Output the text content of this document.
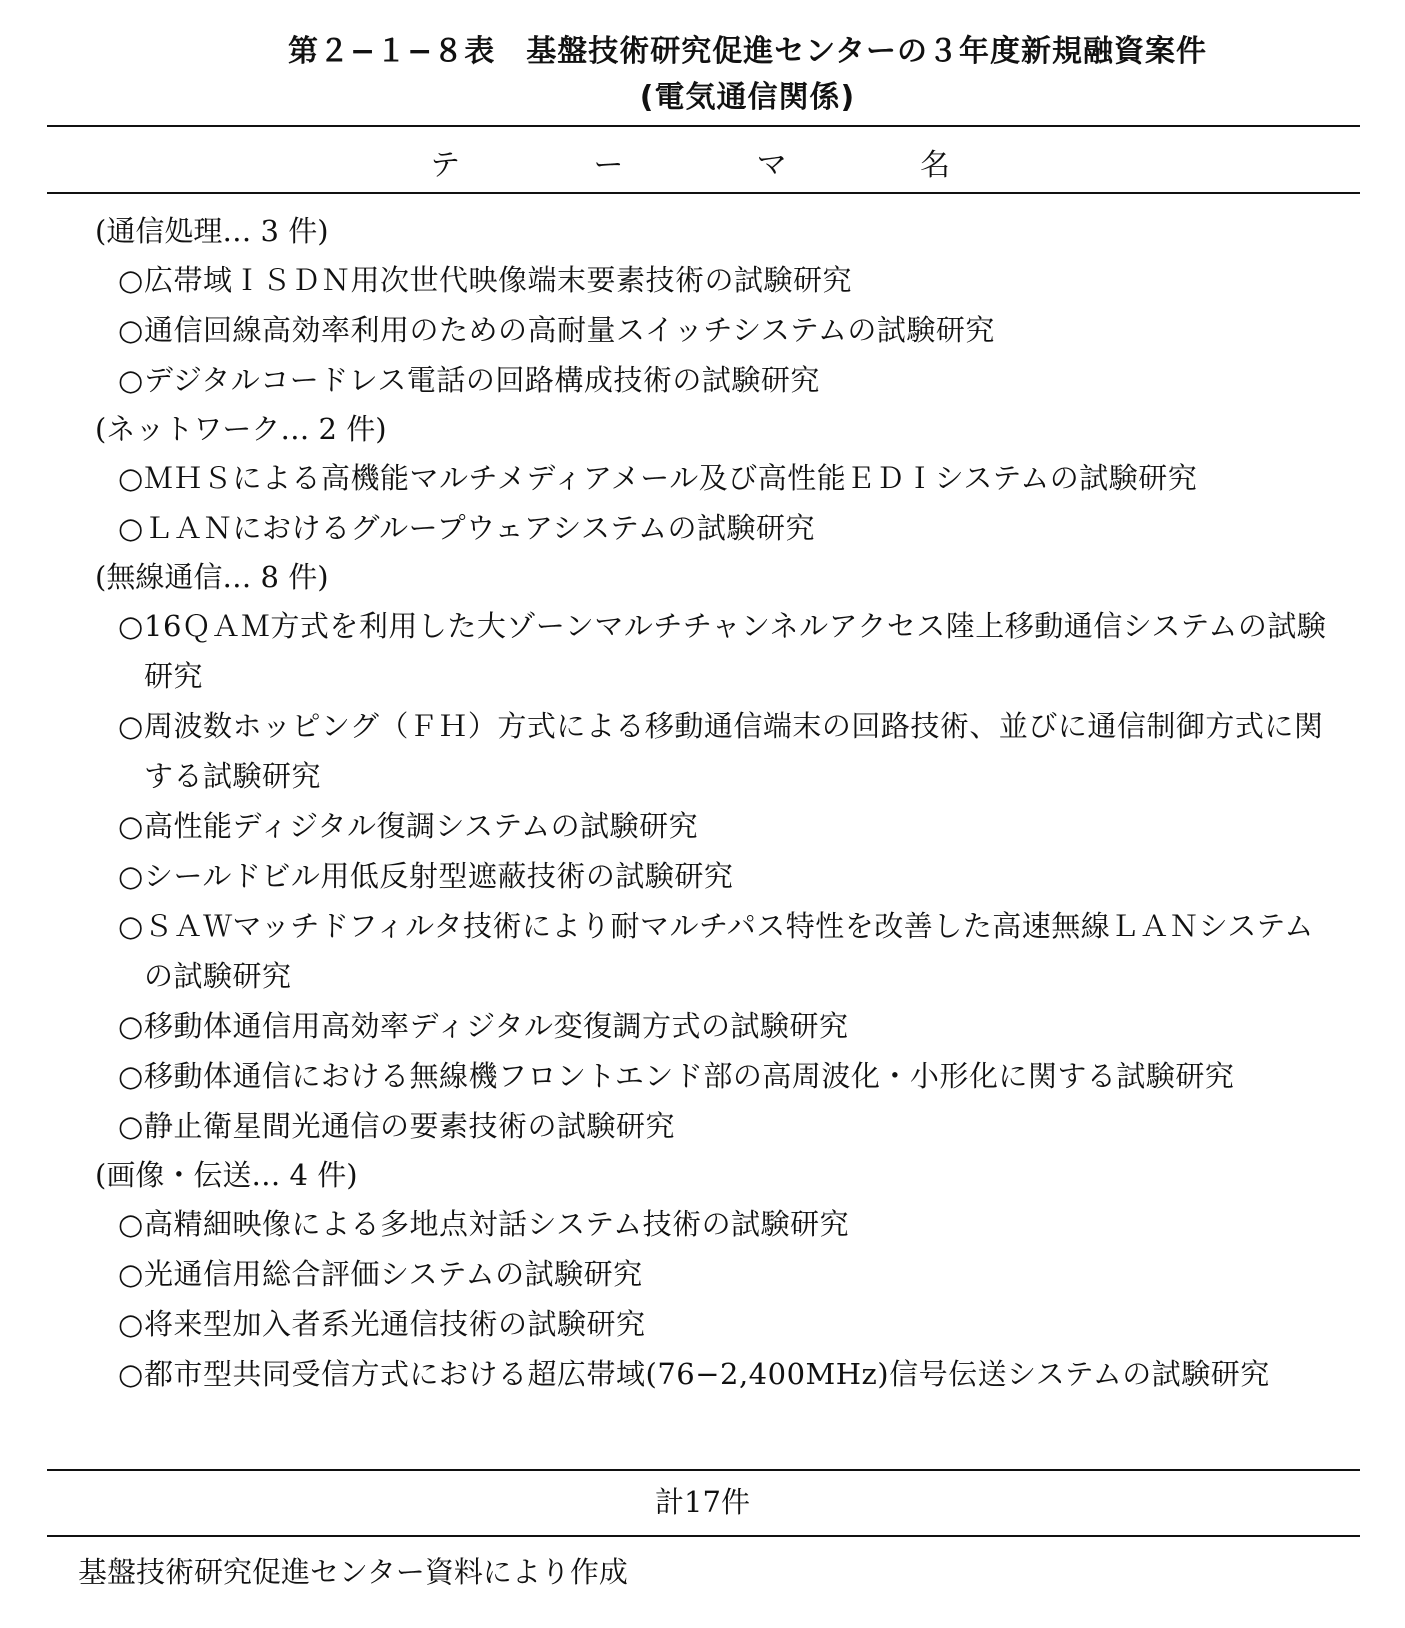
第２−１−８表　基盤技術研究促進センターの３年度新規融資案件
(電気通信関係)
テ	ー	マ	名
(通信処理… 3 件)
○ 広帯域ＩＳＤＮ用次世代映像端末要素技術の試験研究
○ 通信回線高効率利用のための高耐量スイッチシステムの試験研究
○ デジタルコードレス電話の回路構成技術の試験研究
(ネットワーク… 2 件)
○ ＭＨＳによる高機能マルチメディアメール及び高性能ＥＤＩシステムの試験研究
○ ＬＡＮにおけるグループウェアシステムの試験研究
(無線通信… 8 件)
○ 16ＱＡＭ方式を利用した大ゾーンマルチチャンネルアクセス陸上移動通信システムの試験研究
○ 周波数ホッピング（ＦＨ）方式による移動通信端末の回路技術、並びに通信制御方式に関する試験研究
○ 高性能ディジタル復調システムの試験研究
○ シールドビル用低反射型遮蔽技術の試験研究
○ ＳＡＷマッチドフィルタ技術により耐マルチパス特性を改善した高速無線ＬＡＮシステムの試験研究
○ 移動体通信用高効率ディジタル変復調方式の試験研究
○ 移動体通信における無線機フロントエンド部の高周波化・小形化に関する試験研究
○ 静止衛星間光通信の要素技術の試験研究
(画像・伝送… 4 件)
○ 高精細映像による多地点対話システム技術の試験研究
○ 光通信用総合評価システムの試験研究
○ 将来型加入者系光通信技術の試験研究
○ 都市型共同受信方式における超広帯域(76−2,400MHz)信号伝送システムの試験研究
計17件
基盤技術研究促進センター資料により作成
